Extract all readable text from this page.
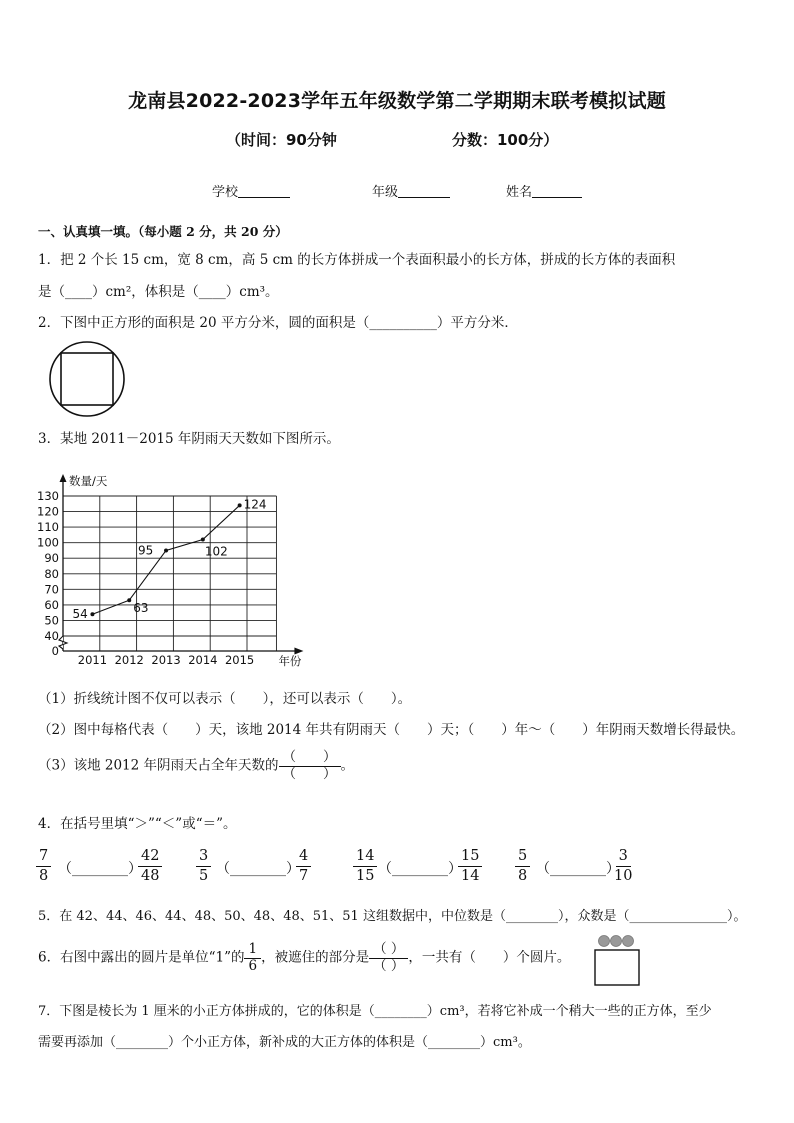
龙南县2022-2023学年五年级数学第二学期期末联考模拟试题
（时间：90分钟	分数：100分）
学校	年级	姓名
一、认真填一填。（每小题 2 分，共 20 分）
1．把 2 个长 15 cm，宽 8 cm，高 5 cm 的长方体拼成一个表面积最小的长方体，拼成的长方体的表面积
是（____）cm²，体积是（____）cm³。
2．下图中正方形的面积是 20 平方分米，圆的面积是（__________）平方分米．
3．某地 2011－2015 年阴雨天天数如下图所示。
0
40
50
60
70
80
90
100
110
120
130
数量/天
年份
2011 2012 2013 2014 2015
54	63
95	102
124
（1）折线统计图不仅可以表示（　　），还可以表示（　　）。
（2）图中每格代表（　　）天，该地 2014 年共有阴雨天（　　）天；（　　）年～（　　）年阴雨天数增长得最快。
（3）该地 2012 年阴雨天占全年天数的 $\frac{( )}{( )}$ 。
4．在括号里填“＞”“＜”或“＝”。
$\frac{7}{8}$ （________）
$\frac{42}{48} \frac{3}{5}$ （________）
$\frac{4}{7}$	$\frac{14}{15}$ （________）
$\frac{15}{14} \frac{5}{8}$ （________）
$\frac{3}{10}$
5．在 42、44、46、44、48、50、48、48、51、51 这组数据中，中位数是（________），众数是（_______________）。
6．右图中露出的圆片是单位“1”的 $\frac{1}{6}$ ，被遮住的部分是 $\frac{( )}{( )}$ ，一共有（　　）个圆片。
7．下图是棱长为 1 厘米的小正方体拼成的，它的体积是（________）cm³，若将它补成一个稍大一些的正方体，至少
需要再添加（________）个小正方体，新补成的大正方体的体积是（________）cm³。
